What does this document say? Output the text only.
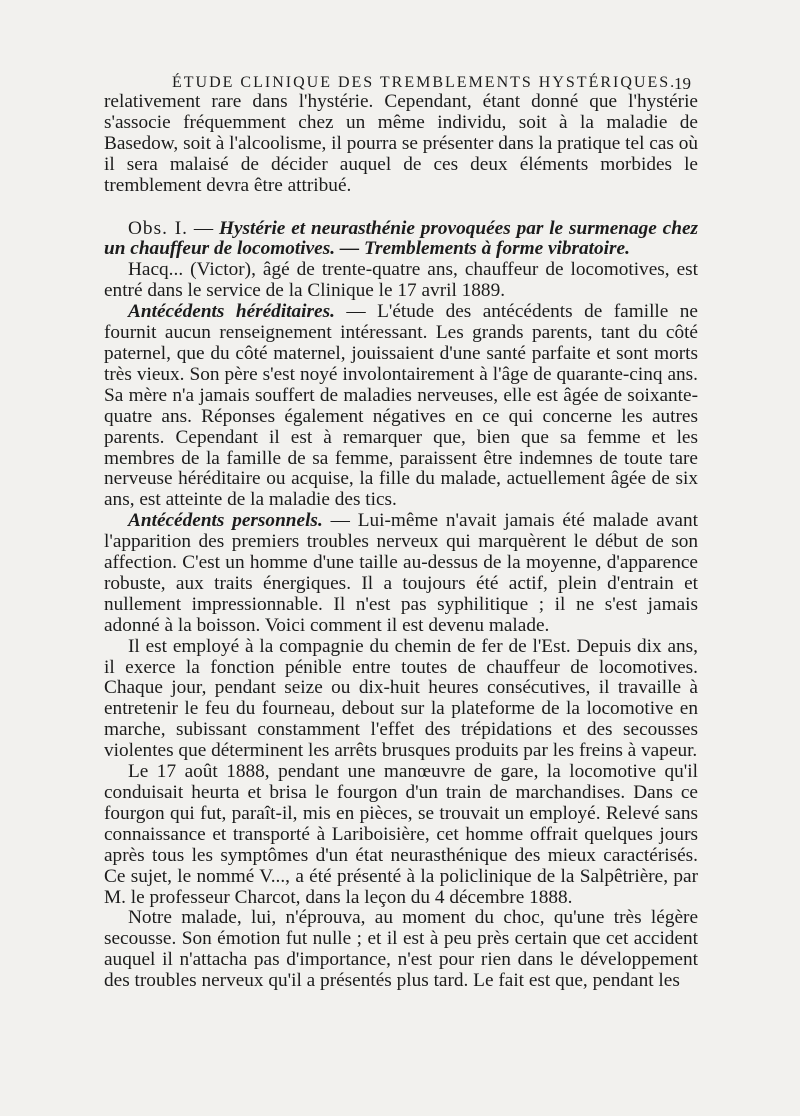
ÉTUDE CLINIQUE DES TREMBLEMENTS HYSTÉRIQUES.
19

relativement rare dans l'hystérie. Cependant, étant donné que l'hystérie s'associe fréquemment chez un même individu, soit à la maladie de Basedow, soit à l'alcoolisme, il pourra se présenter dans la pratique tel cas où il sera malaisé de décider auquel de ces deux éléments morbides le tremblement devra être attribué.

Obs. I. — Hystérie et neurasthénie provoquées par le surmenage chez un chauffeur de locomotives. — Tremblements à forme vibratoire.

Hacq... (Victor), âgé de trente-quatre ans, chauffeur de locomotives, est entré dans le service de la Clinique le 17 avril 1889.

Antécédents héréditaires. — L'étude des antécédents de famille ne fournit aucun renseignement intéressant. Les grands parents, tant du côté paternel, que du côté maternel, jouissaient d'une santé parfaite et sont morts très vieux. Son père s'est noyé involontairement à l'âge de quarante-cinq ans. Sa mère n'a jamais souffert de maladies nerveuses, elle est âgée de soixante-quatre ans. Réponses également négatives en ce qui concerne les autres parents. Cependant il est à remarquer que, bien que sa femme et les membres de la famille de sa femme, paraissent être indemnes de toute tare nerveuse héréditaire ou acquise, la fille du malade, actuellement âgée de six ans, est atteinte de la maladie des tics.

Antécédents personnels. — Lui-même n'avait jamais été malade avant l'apparition des premiers troubles nerveux qui marquèrent le début de son affection. C'est un homme d'une taille au-dessus de la moyenne, d'apparence robuste, aux traits énergiques. Il a toujours été actif, plein d'entrain et nullement impressionnable. Il n'est pas syphilitique ; il ne s'est jamais adonné à la boisson. Voici comment il est devenu malade.

Il est employé à la compagnie du chemin de fer de l'Est. Depuis dix ans, il exerce la fonction pénible entre toutes de chauffeur de locomotives. Chaque jour, pendant seize ou dix-huit heures consécutives, il travaille à entretenir le feu du fourneau, debout sur la plateforme de la locomotive en marche, subissant constamment l'effet des trépidations et des secousses violentes que déterminent les arrêts brusques produits par les freins à vapeur.

Le 17 août 1888, pendant une manœuvre de gare, la locomotive qu'il conduisait heurta et brisa le fourgon d'un train de marchandises. Dans ce fourgon qui fut, paraît-il, mis en pièces, se trouvait un employé. Relevé sans connaissance et transporté à Lariboisière, cet homme offrait quelques jours après tous les symptômes d'un état neurasthénique des mieux caractérisés. Ce sujet, le nommé V..., a été présenté à la policlinique de la Salpêtrière, par M. le professeur Charcot, dans la leçon du 4 décembre 1888.

Notre malade, lui, n'éprouva, au moment du choc, qu'une très légère secousse. Son émotion fut nulle ; et il est à peu près certain que cet accident auquel il n'attacha pas d'importance, n'est pour rien dans le développement des troubles nerveux qu'il a présentés plus tard. Le fait est que, pendant les
